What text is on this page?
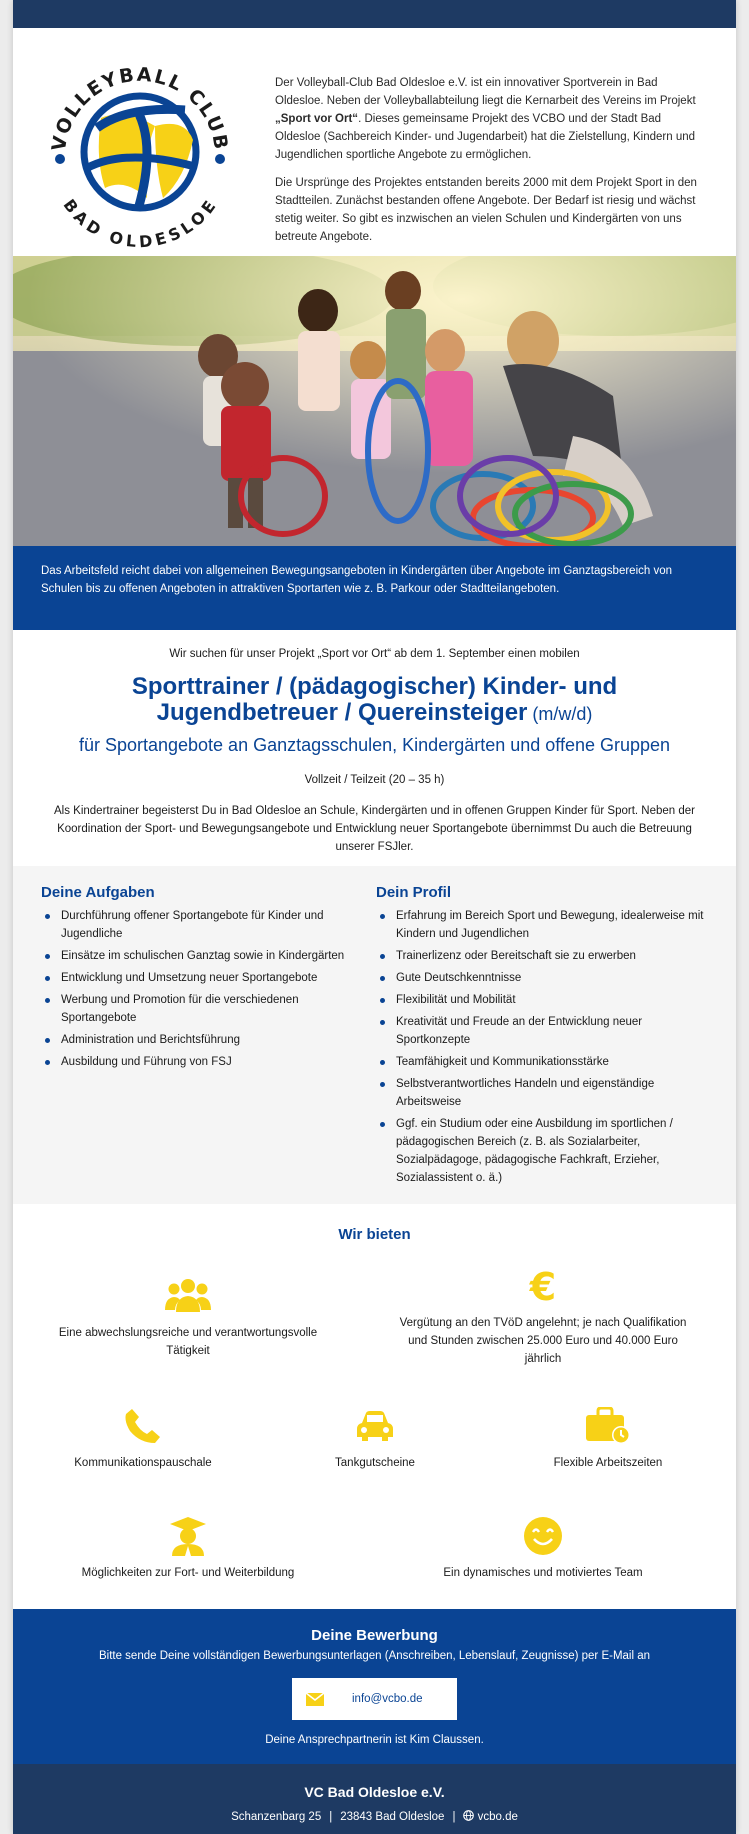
VOLLEYBALL CLUB
BAD OLDESLOE

Der Volleyball-Club Bad Oldesloe e.V. ist ein innovativer Sportverein in Bad Oldesloe. Neben der Volleyballabteilung liegt die Kernarbeit des Vereins im Projekt „Sport vor Ort“. Dieses gemeinsame Projekt des VCBO und der Stadt Bad Oldesloe (Sachbereich Kinder- und Jugendarbeit) hat die Zielstellung, Kindern und Jugendlichen sportliche Angebote zu ermöglichen.

Die Ursprünge des Projektes entstanden bereits 2000 mit dem Projekt Sport in den Stadtteilen. Zunächst bestanden offene Angebote. Der Bedarf ist riesig und wächst stetig weiter. So gibt es inzwischen an vielen Schulen und Kindergärten von uns betreute Angebote.

Das Arbeitsfeld reicht dabei von allgemeinen Bewegungsangeboten in Kindergärten über Angebote im Ganztagsbereich von Schulen bis zu offenen Angeboten in attraktiven Sportarten wie z. B. Parkour oder Stadtteilangeboten.

Wir suchen für unser Projekt „Sport vor Ort“ ab dem 1. September einen mobilen

Sporttrainer / (pädagogischer) Kinder- und
Jugendbetreuer / Quereinsteiger (m/w/d)
für Sportangebote an Ganztagsschulen, Kindergärten und offene Gruppen

Vollzeit / Teilzeit (20 – 35 h)

Als Kindertrainer begeisterst Du in Bad Oldesloe an Schule, Kindergärten und in offenen Gruppen Kinder für Sport. Neben der Koordination der Sport- und Bewegungsangebote und Entwicklung neuer Sportangebote übernimmst Du auch die Betreuung unserer FSJler.

Deine Aufgaben
Durchführung offener Sportangebote für Kinder und Jugendliche
Einsätze im schulischen Ganztag sowie in Kindergärten
Entwicklung und Umsetzung neuer Sportangebote
Werbung und Promotion für die verschiedenen Sportangebote
Administration und Berichtsführung
Ausbildung und Führung von FSJ
Dein Profil
Erfahrung im Bereich Sport und Bewegung, idealerweise mit Kindern und Jugendlichen
Trainerlizenz oder Bereitschaft sie zu erwerben
Gute Deutschkenntnisse
Flexibilität und Mobilität
Kreativität und Freude an der Entwicklung neuer Sportkonzepte
Teamfähigkeit und Kommunikationsstärke
Selbstverantwortliches Handeln und eigenständige Arbeitsweise
Ggf. ein Studium oder eine Ausbildung im sportlichen / pädagogischen Bereich (z. B. als Sozialarbeiter, Sozialpädagoge, pädagogische Fachkraft, Erzieher, Sozialassistent o. ä.)
Wir bieten

Eine abwechslungsreiche und verantwortungsvolle Tätigkeit

€

Vergütung an den TVöD angelehnt; je nach Qualifikation und Stunden zwischen 25.000 Euro und 40.000 Euro jährlich

Kommunikationspauschale	Tankgutscheine	Flexible Arbeitszeiten

Möglichkeiten zur Fort- und Weiterbildung	Ein dynamisches und motiviertes Team

Deine Bewerbung

Bitte sende Deine vollständigen Bewerbungsunterlagen (Anschreiben, Lebenslauf, Zeugnisse) per E-Mail an

info@vcbo.de

Deine Ansprechpartnerin ist Kim Claussen.

VC Bad Oldesloe e.V.

Schanzenbarg 25 | 23843 Bad Oldesloe | vcbo.de
